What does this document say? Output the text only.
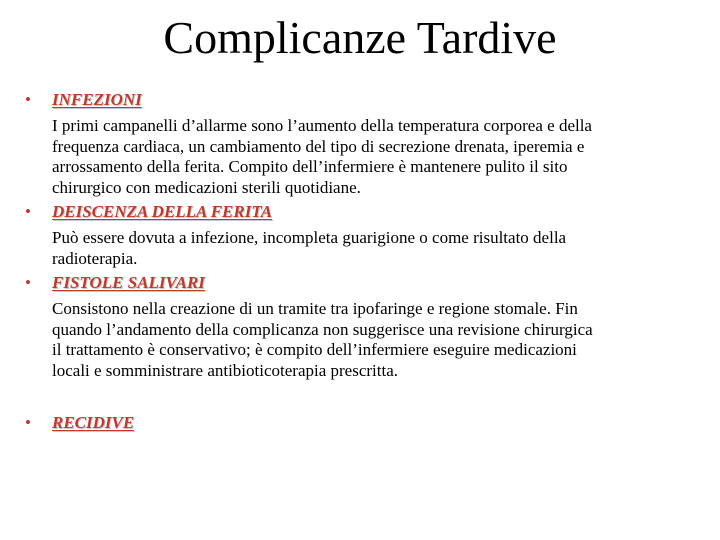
Complicanze Tardive
• INFEZIONI
I primi campanelli d’allarme sono l’aumento della temperatura corporea e della
frequenza cardiaca, un cambiamento del tipo di secrezione drenata, iperemia e
arrossamento della ferita. Compito dell’infermiere è mantenere pulito il sito
chirurgico con medicazioni sterili quotidiane.
• DEISCENZA DELLA FERITA
Può essere dovuta a infezione, incompleta guarigione o come risultato della
radioterapia.
• FISTOLE SALIVARI
Consistono nella creazione di un tramite tra ipofaringe e regione stomale. Fin
quando l’andamento della complicanza non suggerisce una revisione chirurgica
il trattamento è conservativo; è compito dell’infermiere eseguire medicazioni
locali e somministrare antibioticoterapia prescritta.
• RECIDIVE
